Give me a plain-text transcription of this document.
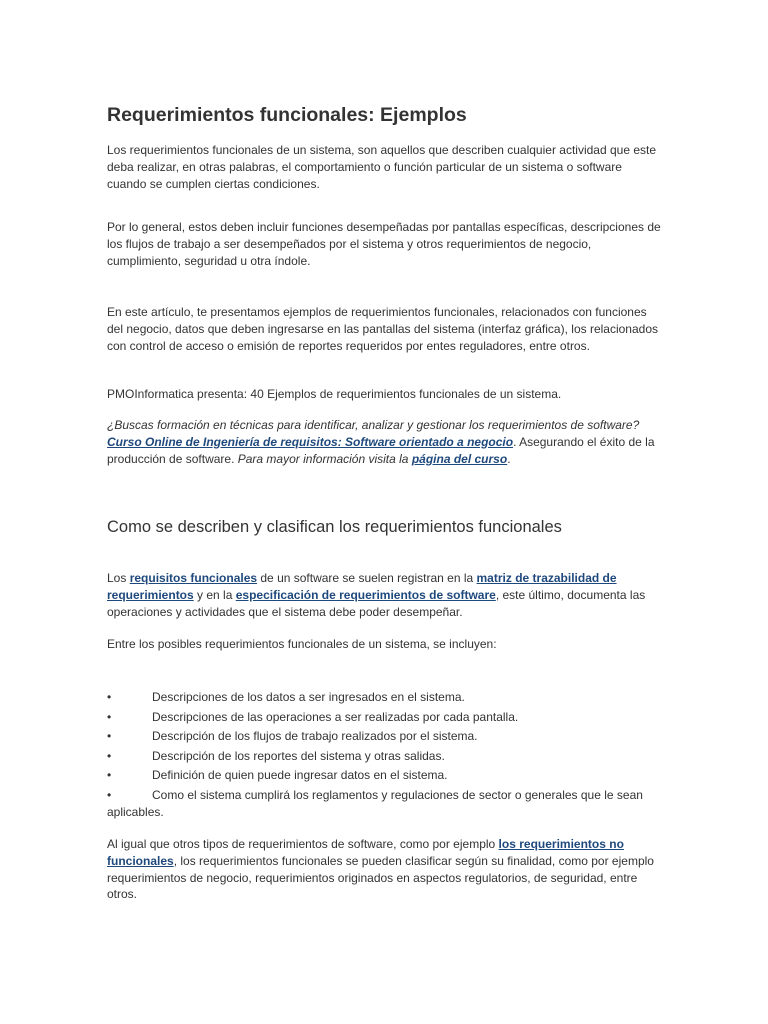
Requerimientos funcionales: Ejemplos

Los requerimientos funcionales de un sistema, son aquellos que describen cualquier actividad que este deba realizar, en otras palabras, el comportamiento o función particular de un sistema o software cuando se cumplen ciertas condiciones.

Por lo general, estos deben incluir funciones desempeñadas por pantallas específicas, descripciones de los flujos de trabajo a ser desempeñados por el sistema y otros requerimientos de negocio, cumplimiento, seguridad u otra índole.

En este artículo, te presentamos ejemplos de requerimientos funcionales, relacionados con funciones del negocio, datos que deben ingresarse en las pantallas del sistema (interfaz gráfica), los relacionados con control de acceso o emisión de reportes requeridos por entes reguladores, entre otros.

PMOInformatica presenta: 40 Ejemplos de requerimientos funcionales de un sistema.

¿Buscas formación en técnicas para identificar, analizar y gestionar los requerimientos de software? Curso Online de Ingeniería de requisitos: Software orientado a negocio. Asegurando el éxito de la producción de software. Para mayor información visita la página del curso.

Como se describen y clasifican los requerimientos funcionales

Los requisitos funcionales de un software se suelen registran en la matriz de trazabilidad de requerimientos y en la especificación de requerimientos de software, este último, documenta las operaciones y actividades que el sistema debe poder desempeñar.

Entre los posibles requerimientos funcionales de un sistema, se incluyen:

•	Descripciones de los datos a ser ingresados en el sistema.
•	Descripciones de las operaciones a ser realizadas por cada pantalla.
•	Descripción de los flujos de trabajo realizados por el sistema.
•	Descripción de los reportes del sistema y otras salidas.
•	Definición de quien puede ingresar datos en el sistema.
•	Como el sistema cumplirá los reglamentos y regulaciones de sector o generales que le sean aplicables.

Al igual que otros tipos de requerimientos de software, como por ejemplo los requerimientos no funcionales, los requerimientos funcionales se pueden clasificar según su finalidad, como por ejemplo requerimientos de negocio, requerimientos originados en aspectos regulatorios, de seguridad, entre otros.
